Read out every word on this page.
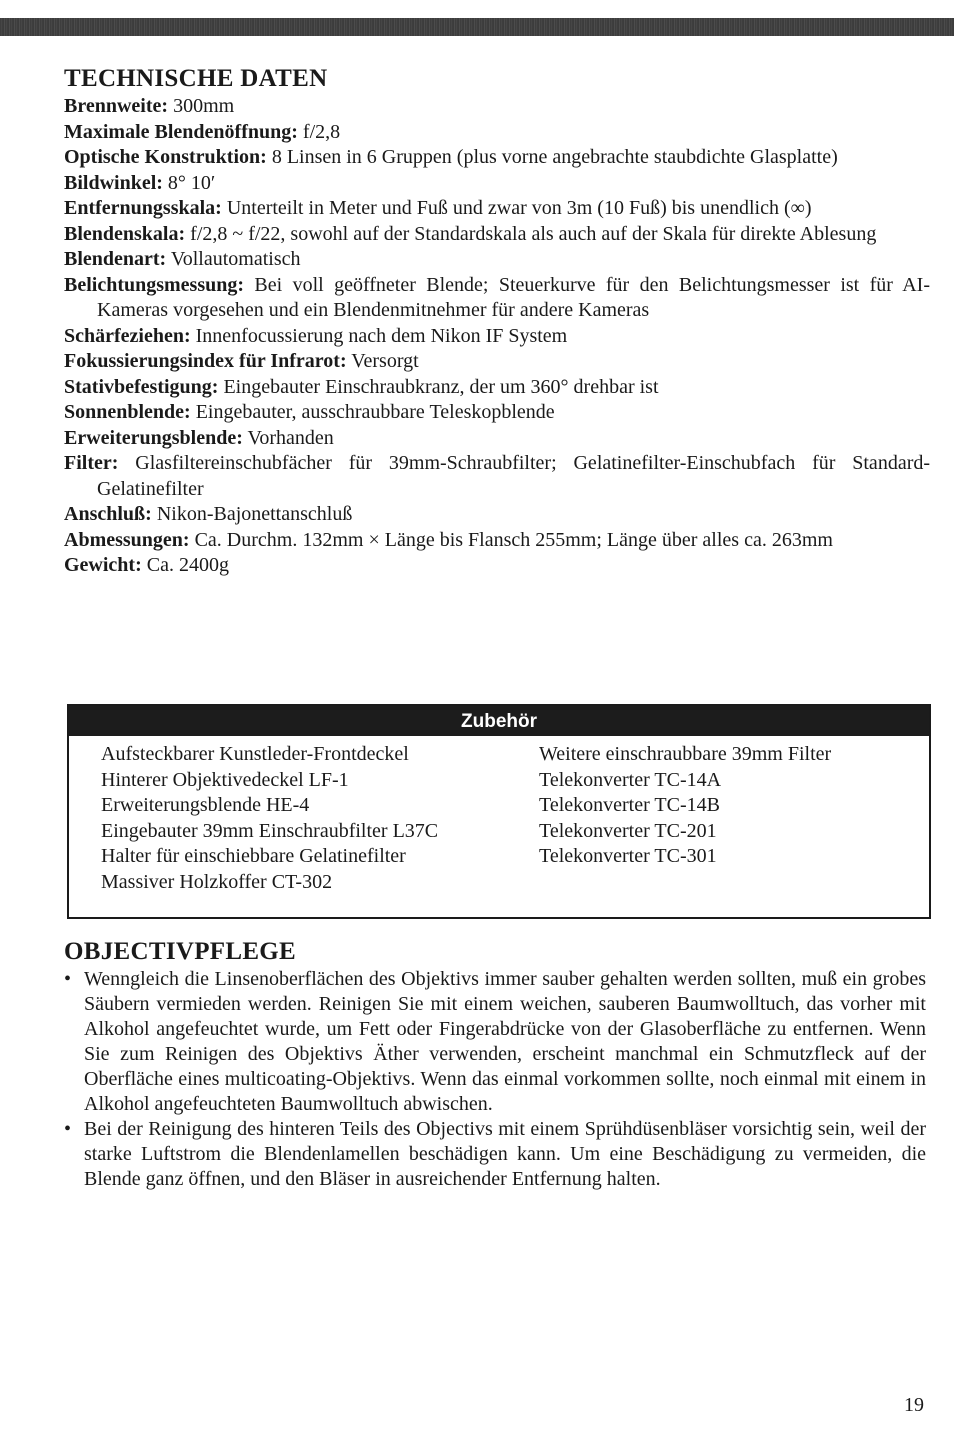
TECHNISCHE DATEN
Brennweite: 300mm
Maximale Blendenöffnung: f/2,8
Optische Konstruktion: 8 Linsen in 6 Gruppen (plus vorne angebrachte staubdichte Glasplatte)
Bildwinkel: 8° 10′
Entfernungsskala: Unterteilt in Meter und Fuß und zwar von 3m (10 Fuß) bis unendlich (∞)
Blendenskala: f/2,8 ~ f/22, sowohl auf der Standardskala als auch auf der Skala für direkte Ablesung
Blendenart: Vollautomatisch
Belichtungsmessung: Bei voll geöffneter Blende; Steuerkurve für den Belichtungsmesser ist für AI-Kameras vorgesehen und ein Blendenmitnehmer für andere Kameras
Schärfeziehen: Innenfocussierung nach dem Nikon IF System
Fokussierungsindex für Infrarot: Versorgt
Stativbefestigung: Eingebauter Einschraubkranz, der um 360° drehbar ist
Sonnenblende: Eingebauter, ausschraubbare Teleskopblende
Erweiterungsblende: Vorhanden
Filter: Glasfiltereinschubfächer für 39mm-Schraubfilter; Gelatinefilter-Einschubfach für Standard-Gelatinefilter
Anschluß: Nikon-Bajonettanschluß
Abmessungen: Ca. Durchm. 132mm × Länge bis Flansch 255mm; Länge über alles ca. 263mm
Gewicht: Ca. 2400g
Zubehör
Aufsteckbarer Kunstleder-Frontdeckel
Hinterer Objektivedeckel LF-1
Erweiterungsblende HE-4
Eingebauter 39mm Einschraubfilter L37C
Halter für einschiebbare Gelatinefilter
Massiver Holzkoffer CT-302
Weitere einschraubbare 39mm Filter
Telekonverter TC-14A
Telekonverter TC-14B
Telekonverter TC-201
Telekonverter TC-301
OBJECTIVPFLEGE
• Wenngleich die Linsenoberflächen des Objektivs immer sauber gehalten werden sollten, muß ein grobes Säubern vermieden werden. Reinigen Sie mit einem weichen, sauberen Baumwolltuch, das vorher mit Alkohol angefeuchtet wurde, um Fett oder Fingerabdrücke von der Glasoberfläche zu entfernen. Wenn Sie zum Reinigen des Objektivs Äther verwenden, erscheint manchmal ein Schmutzfleck auf der Oberfläche eines multicoating-Objektivs. Wenn das einmal vorkommen sollte, noch einmal mit einem in Alkohol angefeuchteten Baumwolltuch abwischen.
• Bei der Reinigung des hinteren Teils des Objectivs mit einem Sprühdüsenbläser vorsichtig sein, weil der starke Luftstrom die Blendenlamellen beschädigen kann. Um eine Beschädigung zu vermeiden, die Blende ganz öffnen, und den Bläser in ausreichender Entfernung halten.
19
